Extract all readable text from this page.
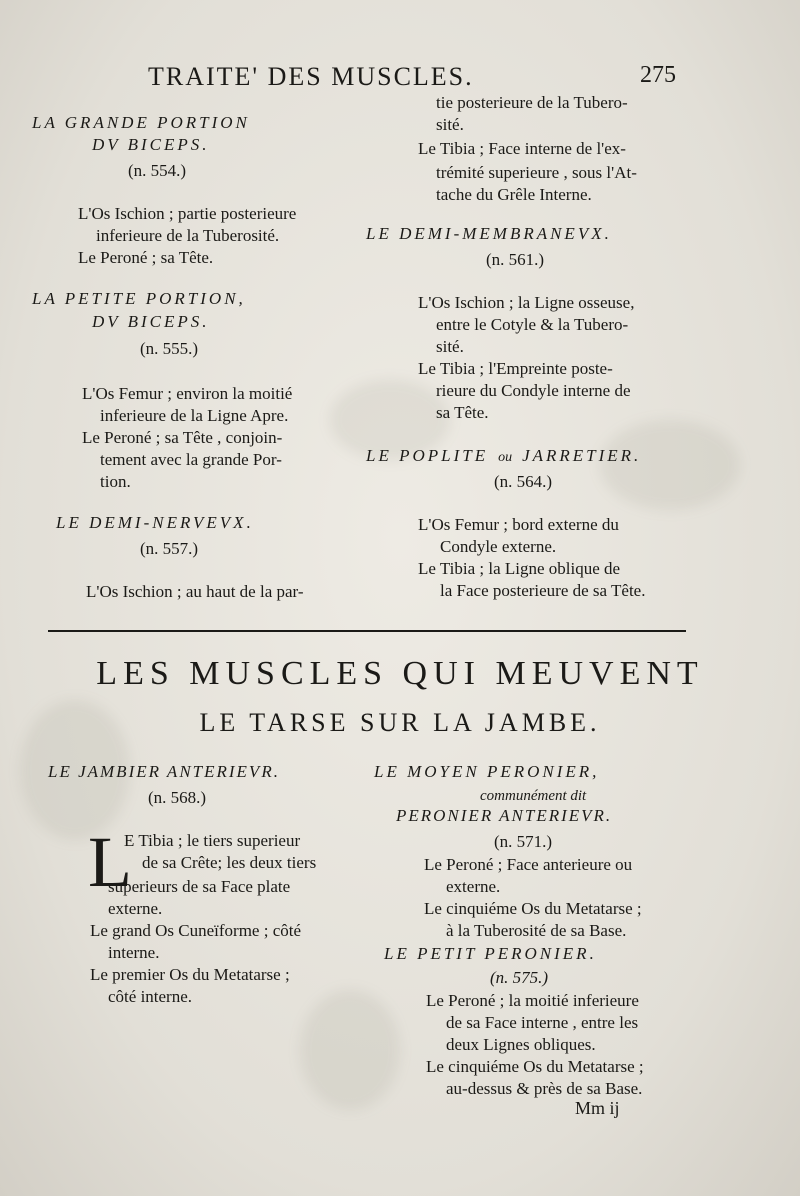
TRAITE' DES MUSCLES.	275
LA GRANDE PORTION
DV BICEPS.
(n. 554.)
L'Os Ischion ; partie posterieure
inferieure de la Tuberosité.
Le Peroné ; sa Tête.
LA PETITE PORTION,
DV BICEPS.
(n. 555.)
L'Os Femur ; environ la moitié
inferieure de la Ligne Apre.
Le Peroné ; sa Tête , conjoin-
tement avec la grande Por-
tion.
LE DEMI-NERVEVX.
(n. 557.)
L'Os Ischion ; au haut de la par-
tie posterieure de la Tubero-
sité.
Le Tibia ; Face interne de l'ex-
trémité superieure , sous l'At-
tache du Grêle Interne.
LE DEMI-MEMBRANEVX.
(n. 561.)
L'Os Ischion ; la Ligne osseuse,
entre le Cotyle & la Tubero-
sité.
Le Tibia ; l'Empreinte poste-
rieure du Condyle interne de
sa Tête.
LE POPLITE ou JARRETIER.
(n. 564.)
L'Os Femur ; bord externe du
Condyle externe.
Le Tibia ; la Ligne oblique de
la Face posterieure de sa Tête.
LES MUSCLES QUI MEUVENT
LE TARSE SUR LA JAMBE.
LE JAMBIER ANTERIEVR.
(n. 568.)
L
E Tibia ; le tiers superieur
de sa Crête; les deux tiers
superieurs de sa Face plate
externe.
Le grand Os Cuneïforme ; côté
interne.
Le premier Os du Metatarse ;
côté interne.
LE MOYEN PERONIER,
communément dit
PERONIER ANTERIEVR.
(n. 571.)
Le Peroné ; Face anterieure ou
externe.
Le cinquiéme Os du Metatarse ;
à la Tuberosité de sa Base.
LE PETIT PERONIER.
(n. 575.)
Le Peroné ; la moitié inferieure
de sa Face interne , entre les
deux Lignes obliques.
Le cinquiéme Os du Metatarse ;
au-dessus & près de sa Base.
Mm ij
